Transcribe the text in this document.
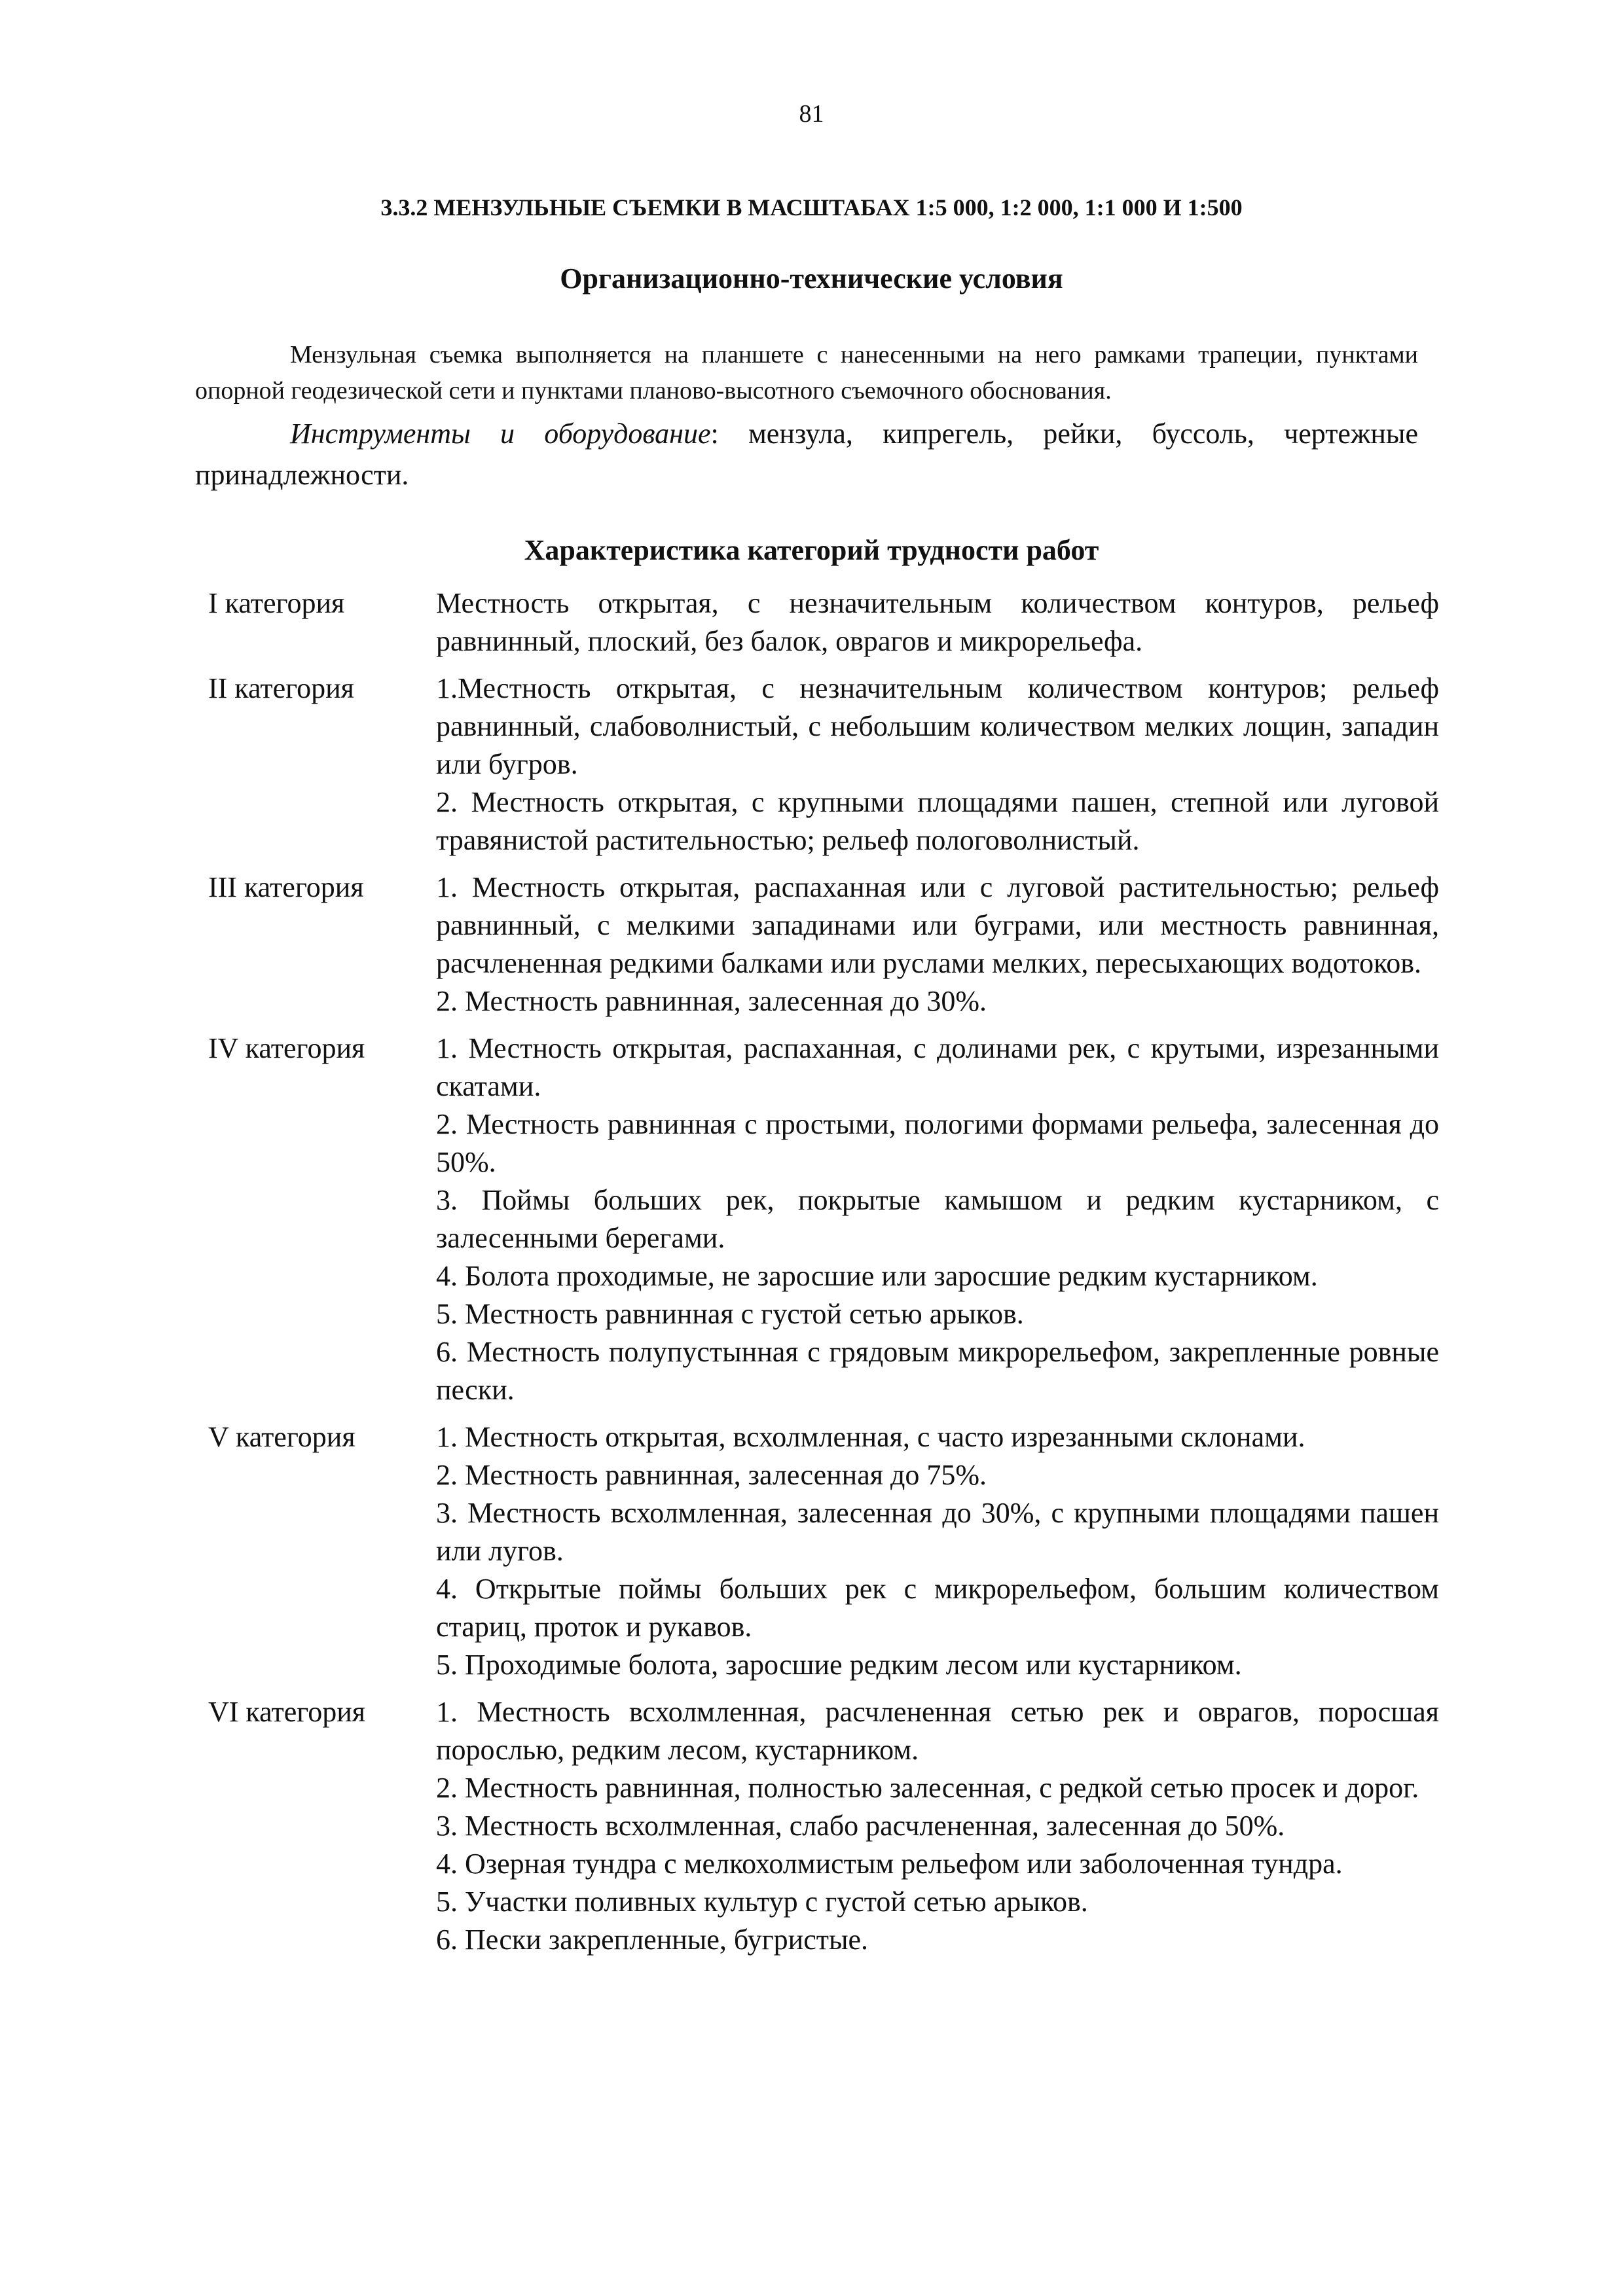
81
3.3.2 МЕНЗУЛЬНЫЕ СЪЕМКИ В МАСШТАБАХ 1:5 000, 1:2 000, 1:1 000 И 1:500
Организационно-технические условия

Мензульная съемка выполняется на планшете с нанесенными на него рамками трапеции, пунктами опорной геодезической сети и пунктами планово-высотного съемочного обоснования.

Инструменты и оборудование: мензула, кипрегель, рейки, буссоль, чертежные принадлежности.

Характеристика категорий трудности работ
I категория	Местность открытая, с незначительным количеством контуров, рельеф равнинный, плоский, без балок, оврагов и микрорельефа.
II категория	1.Местность открытая, с незначительным количеством контуров; рельеф равнинный, слабоволнистый, с небольшим количеством мелких лощин, западин или бугров.
2. Местность открытая, с крупными площадями пашен, степной или луговой травянистой растительностью; рельеф пологоволнистый.
III категория	1. Местность открытая, распаханная или с луговой растительностью; рельеф равнинный, с мелкими западинами или буграми, или местность равнинная, расчлененная редкими балками или руслами мелких, пересыхающих водотоков.
2. Местность равнинная, залесенная до 30%.
IV категория	1. Местность открытая, распаханная, с долинами рек, с крутыми, изрезанными скатами.
2. Местность равнинная с простыми, пологими формами рельефа, залесенная до 50%.
3. Поймы больших рек, покрытые камышом и редким кустарником, с залесенными берегами.
4. Болота проходимые, не заросшие или заросшие редким кустарником.
5. Местность равнинная с густой сетью арыков.
6. Местность полупустынная с грядовым микрорельефом, закрепленные ровные пески.
V категория	1. Местность открытая, всхолмленная, с часто изрезанными склонами.
2. Местность равнинная, залесенная до 75%.
3. Местность всхолмленная, залесенная до 30%, с крупными площадями пашен или лугов.
4. Открытые поймы больших рек с микрорельефом, большим количеством стариц, проток и рукавов.
5. Проходимые болота, заросшие редким лесом или кустарником.
VI категория	1. Местность всхолмленная, расчлененная сетью рек и оврагов, поросшая порослью, редким лесом, кустарником.
2. Местность равнинная, полностью залесенная, с редкой сетью просек и дорог.
3. Местность всхолмленная, слабо расчлененная, залесенная до 50%.
4. Озерная тундра с мелкохолмистым рельефом или заболоченная тундра.
5. Участки поливных культур с густой сетью арыков.
6. Пески закрепленные, бугристые.
